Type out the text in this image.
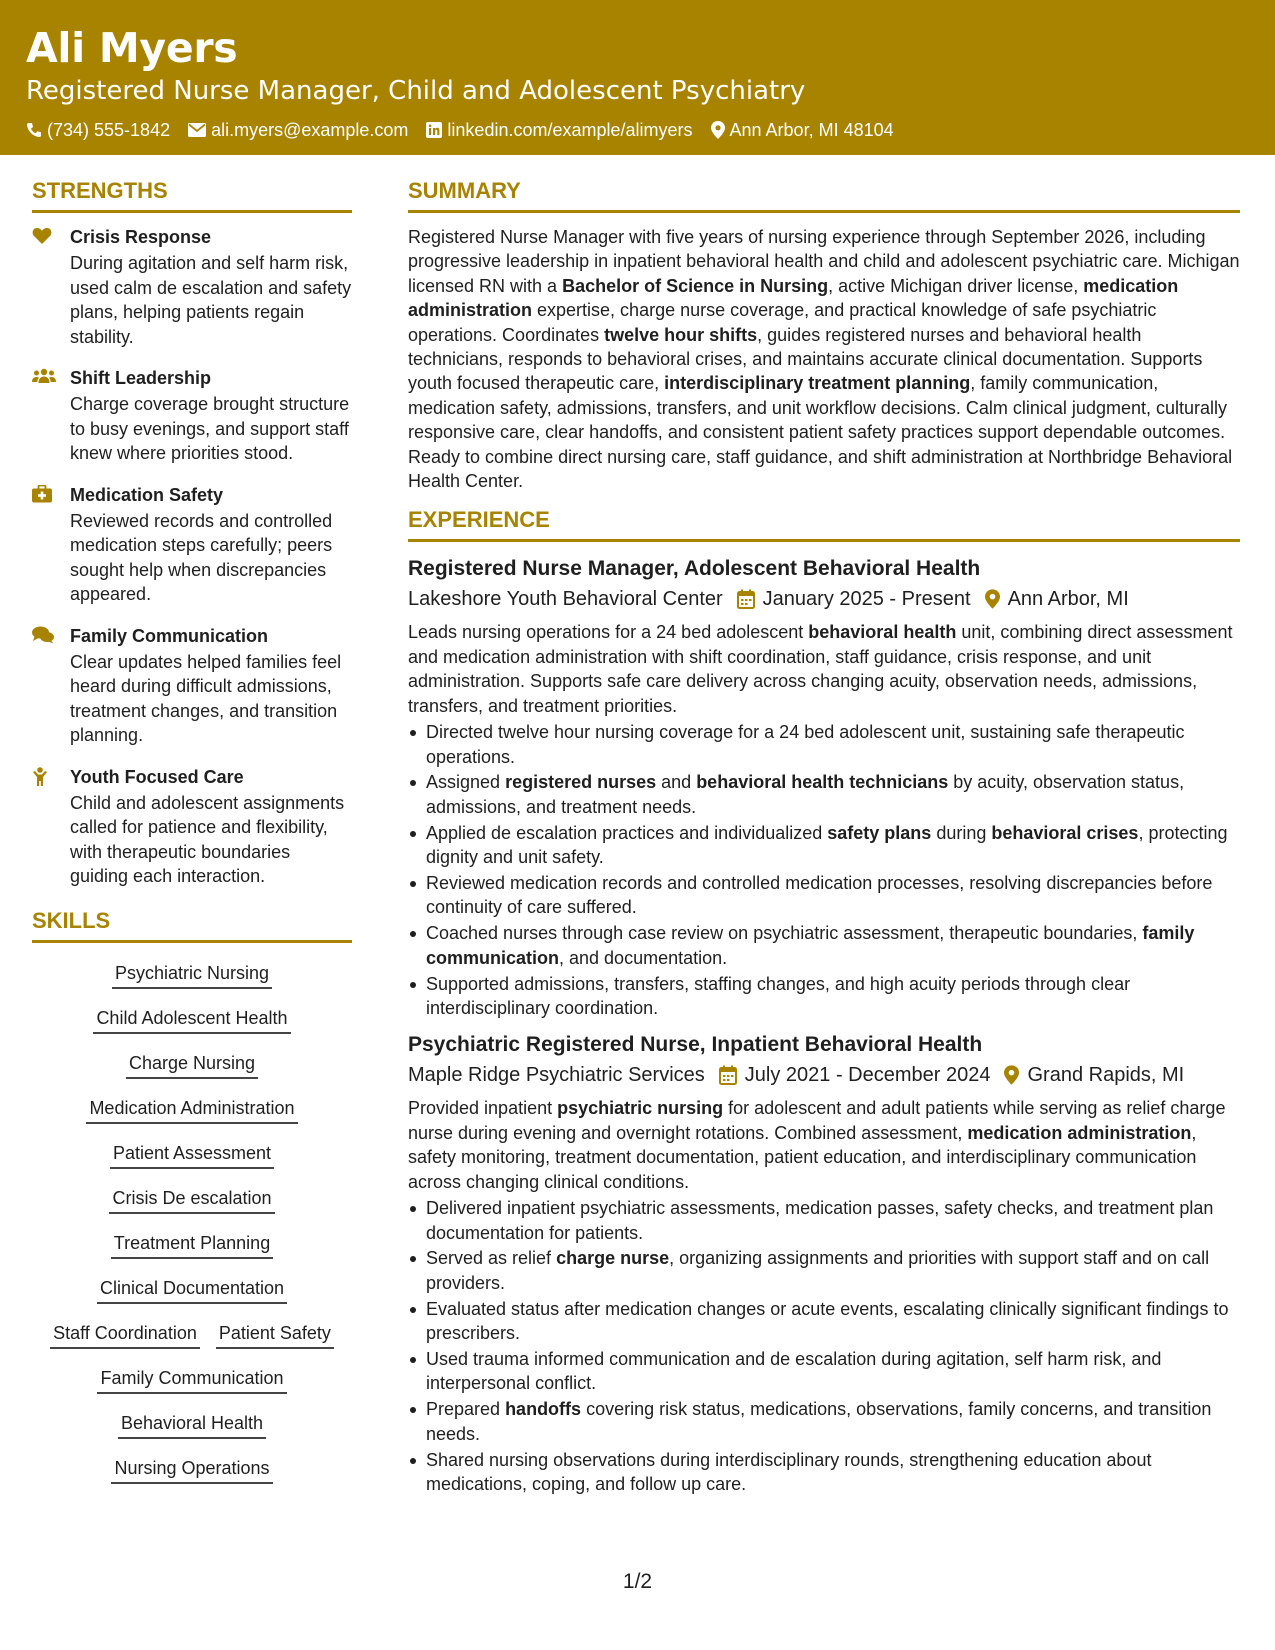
Ali Myers
Registered Nurse Manager, Child and Adolescent Psychiatry
(734) 555-1842 ali.myers@example.com linkedin.com/example/alimyers Ann Arbor, MI 48104
STRENGTHS
Crisis Response
During agitation and self harm risk, used calm de escalation and safety plans, helping patients regain stability.
Shift Leadership
Charge coverage brought structure to busy evenings, and support staff knew where priorities stood.
Medication Safety
Reviewed records and controlled medication steps carefully; peers sought help when discrepancies appeared.
Family Communication
Clear updates helped families feel heard during difficult admissions, treatment changes, and transition planning.
Youth Focused Care
Child and adolescent assignments called for patience and flexibility, with therapeutic boundaries guiding each interaction.
SKILLS
Psychiatric Nursing
Child Adolescent Health
Charge Nursing
Medication Administration
Patient Assessment
Crisis De escalation
Treatment Planning
Clinical Documentation
Staff Coordination Patient Safety
Family Communication
Behavioral Health
Nursing Operations
SUMMARY
Registered Nurse Manager with five years of nursing experience through September 2026, including progressive leadership in inpatient behavioral health and child and adolescent psychiatric care. Michigan licensed RN with a Bachelor of Science in Nursing, active Michigan driver license, medication administration expertise, charge nurse coverage, and practical knowledge of safe psychiatric operations. Coordinates twelve hour shifts, guides registered nurses and behavioral health technicians, responds to behavioral crises, and maintains accurate clinical documentation. Supports youth focused therapeutic care, interdisciplinary treatment planning, family communication, medication safety, admissions, transfers, and unit workflow decisions. Calm clinical judgment, culturally responsive care, clear handoffs, and consistent patient safety practices support dependable outcomes. Ready to combine direct nursing care, staff guidance, and shift administration at Northbridge Behavioral Health Center.
EXPERIENCE
Registered Nurse Manager, Adolescent Behavioral Health
Lakeshore Youth Behavioral Center January 2025 - Present Ann Arbor, MI
Leads nursing operations for a 24 bed adolescent behavioral health unit, combining direct assessment and medication administration with shift coordination, staff guidance, crisis response, and unit administration. Supports safe care delivery across changing acuity, observation needs, admissions, transfers, and treatment priorities.
Directed twelve hour nursing coverage for a 24 bed adolescent unit, sustaining safe therapeutic operations.
Assigned registered nurses and behavioral health technicians by acuity, observation status, admissions, and treatment needs.
Applied de escalation practices and individualized safety plans during behavioral crises, protecting dignity and unit safety.
Reviewed medication records and controlled medication processes, resolving discrepancies before continuity of care suffered.
Coached nurses through case review on psychiatric assessment, therapeutic boundaries, family communication, and documentation.
Supported admissions, transfers, staffing changes, and high acuity periods through clear interdisciplinary coordination.
Psychiatric Registered Nurse, Inpatient Behavioral Health
Maple Ridge Psychiatric Services July 2021 - December 2024 Grand Rapids, MI
Provided inpatient psychiatric nursing for adolescent and adult patients while serving as relief charge nurse during evening and overnight rotations. Combined assessment, medication administration, safety monitoring, treatment documentation, patient education, and interdisciplinary communication across changing clinical conditions.
Delivered inpatient psychiatric assessments, medication passes, safety checks, and treatment plan documentation for patients.
Served as relief charge nurse, organizing assignments and priorities with support staff and on call providers.
Evaluated status after medication changes or acute events, escalating clinically significant findings to prescribers.
Used trauma informed communication and de escalation during agitation, self harm risk, and interpersonal conflict.
Prepared handoffs covering risk status, medications, observations, family concerns, and transition needs.
Shared nursing observations during interdisciplinary rounds, strengthening education about medications, coping, and follow up care.
1/2
